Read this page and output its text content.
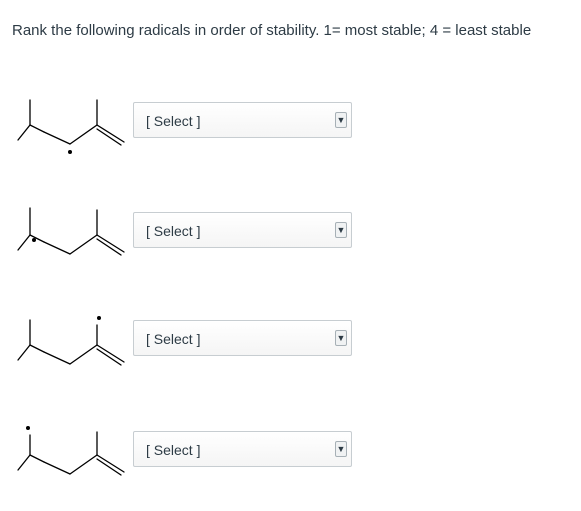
Rank the following radicals in order of stability. 1= most stable; 4 = least stable
[ Select ]	▼
[ Select ]	▼
[ Select ]	▼
[ Select ]	▼
